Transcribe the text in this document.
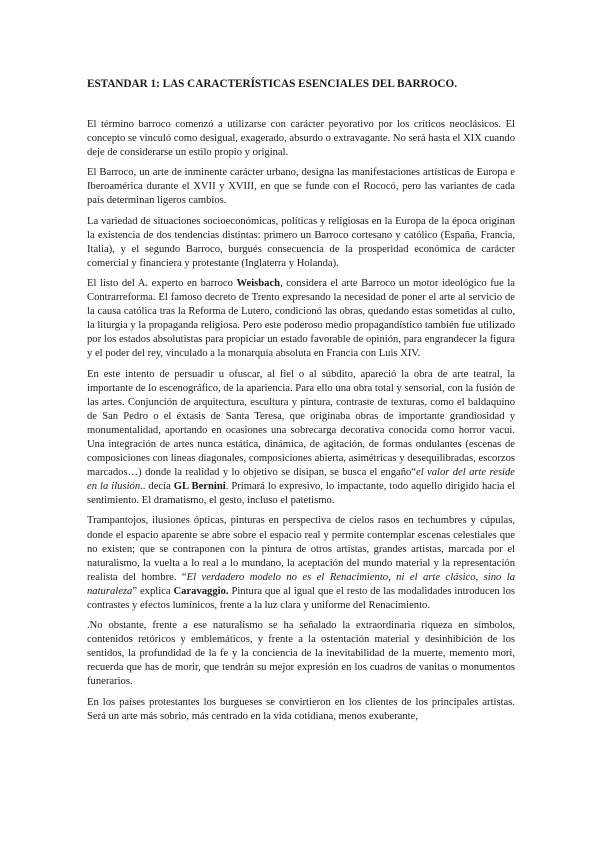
ESTANDAR 1: LAS CARACTERÍSTICAS ESENCIALES DEL BARROCO.

El término barroco comenzó a utilizarse con carácter peyorativo por los críticos neoclásicos. El concepto se vinculó como desigual, exagerado, absurdo o extravagante. No será hasta el XIX cuando deje de considerarse un estilo propio y original.

El Barroco, un arte de inminente carácter urbano, designa las manifestaciones artísticas de Europa e Iberoamérica durante el XVII y XVIII, en que se funde con el Rococó, pero las variantes de cada país determinan ligeros cambios.

La variedad de situaciones socioeconómicas, políticas y religiosas en la Europa de la época originan la existencia de dos tendencias distintas: primero un Barroco cortesano y católico (España, Francia, Italia), y el segundo Barroco, burgués consecuencia de la prosperidad económica de carácter comercial y financiera y protestante (Inglaterra y Holanda).

El listo del A. experto en barroco Weisbach, considera el arte Barroco un motor ideológico fue la Contrarreforma. El famoso decreto de Trento expresando la necesidad de poner el arte al servicio de la causa católica tras la Reforma de Lutero, condicionó las obras, quedando estas sometidas al culto, la liturgia y la propaganda religiosa. Pero este poderoso medio propagandístico también fue utilizado por los estados absolutistas para propiciar un estado favorable de opinión, para engrandecer la figura y el poder del rey, vinculado a la monarquía absoluta en Francia con Luis XIV.

En este intento de persuadir u ofuscar, al fiel o al súbdito, apareció la obra de arte teatral, la importante de lo escenográfico, de la apariencia. Para ello una obra total y sensorial, con la fusión de las artes. Conjunción de arquitectura, escultura y pintura, contraste de texturas, como el baldaquino de San Pedro o el éxtasis de Santa Teresa, que originaba obras de importante grandiosidad y monumentalidad, aportando en ocasiones una sobrecarga decorativa conocida como horror vacui. Una integración de artes nunca estática, dinámica, de agitación, de formas ondulantes (escenas de composiciones con líneas diagonales, composiciones abierta, asimétricas y desequilibradas, escorzos marcados…) donde la realidad y lo objetivo se disipan, se busca el engaño“el valor del arte reside en la ilusión.. decía GL Bernini. Primará lo expresivo, lo impactante, todo aquello dirigido hacia el sentimiento. El dramatismo, el gesto, incluso el patetismo.

Trampantojos, ilusiones ópticas, pinturas en perspectiva de cielos rasos en techumbres y cúpulas, donde el espacio aparente se abre sobre el espacio real y permite contemplar escenas celestiales que no existen; que se contraponen con la pintura de otros artistas, grandes artistas, marcada por el naturalismo, la vuelta a lo real a lo mundano, la aceptación del mundo material y la representación realista del hombre. “El verdadero modelo no es el Renacimiento, ni el arte clásico, sino la naturaleza” explica Caravaggio. Pintura que al igual que el resto de las modalidades introducen los contrastes y efectos lumínicos, frente a la luz clara y uniforme del Renacimiento.

.No obstante, frente a ese naturalismo se ha señalado la extraordinaria riqueza en símbolos, contenidos retóricos y emblemáticos, y frente a la ostentación material y desinhibición de los sentidos, la profundidad de la fe y la conciencia de la inevitabilidad de la muerte, memento mori, recuerda que has de morir, que tendrán su mejor expresión en los cuadros de vanitas o monumentos funerarios.

En los países protestantes los burgueses se convirtieron en los clientes de los principales artistas. Será un arte más sobrio, más centrado en la vida cotidiana, menos exuberante,
